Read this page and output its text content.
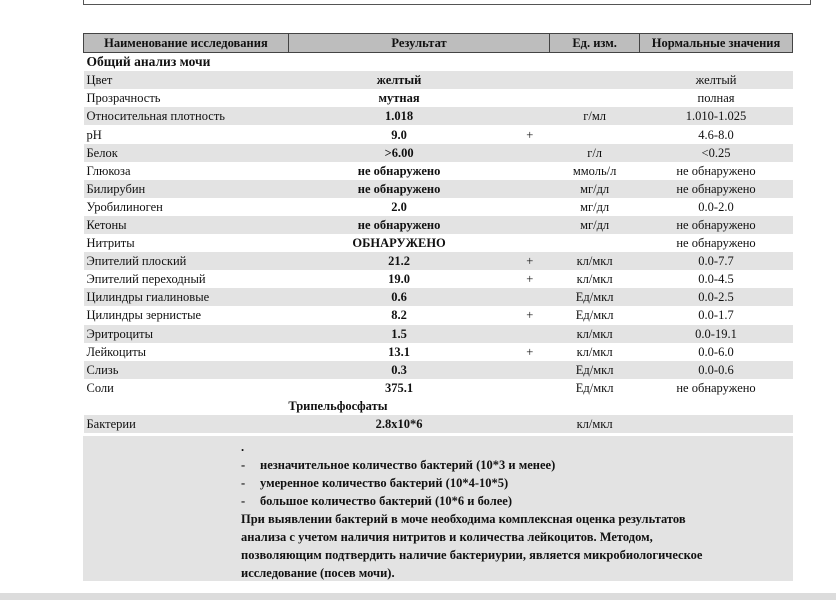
Наименование исследования	Результат		Ед. изм.	Нормальные значения
Общий анализ мочи				
Цвет	желтый			желтый
Прозрачность	мутная			полная
Относительная плотность	1.018		г/мл	1.010-1.025
pH	9.0	+		4.6-8.0
Белок	>6.00		г/л	<0.25
Глюкоза	не обнаружено		ммоль/л	не обнаружено
Билирубин	не обнаружено		мг/дл	не обнаружено
Уробилиноген	2.0		мг/дл	0.0-2.0
Кетоны	не обнаружено		мг/дл	не обнаружено
Нитриты	ОБНАРУЖЕНО			не обнаружено
Эпителий плоский	21.2	+	кл/мкл	0.0-7.7
Эпителий переходный	19.0	+	кл/мкл	0.0-4.5
Цилиндры гиалиновые	0.6		Ед/мкл	0.0-2.5
Цилиндры зернистые	8.2	+	Ед/мкл	0.0-1.7
Эритроциты	1.5		кл/мкл	0.0-19.1
Лейкоциты	13.1	+	кл/мкл	0.0-6.0
Слизь	0.3		Ед/мкл	0.0-0.6
Соли	375.1		Ед/мкл	не обнаружено
	Трипельфосфаты			
Бактерии	2.8x10*6		кл/мкл	
.
- незначительное количество бактерий (10*3 и менее)
- умеренное количество бактерий (10*4-10*5)
- большое количество бактерий (10*6 и более)
При выявлении бактерий в моче необходима комплексная оценка результатов
анализа с учетом наличия нитритов и количества лейкоцитов. Методом,
позволяющим подтвердить наличие бактериурии, является микробиологическое
исследование (посев мочи).
